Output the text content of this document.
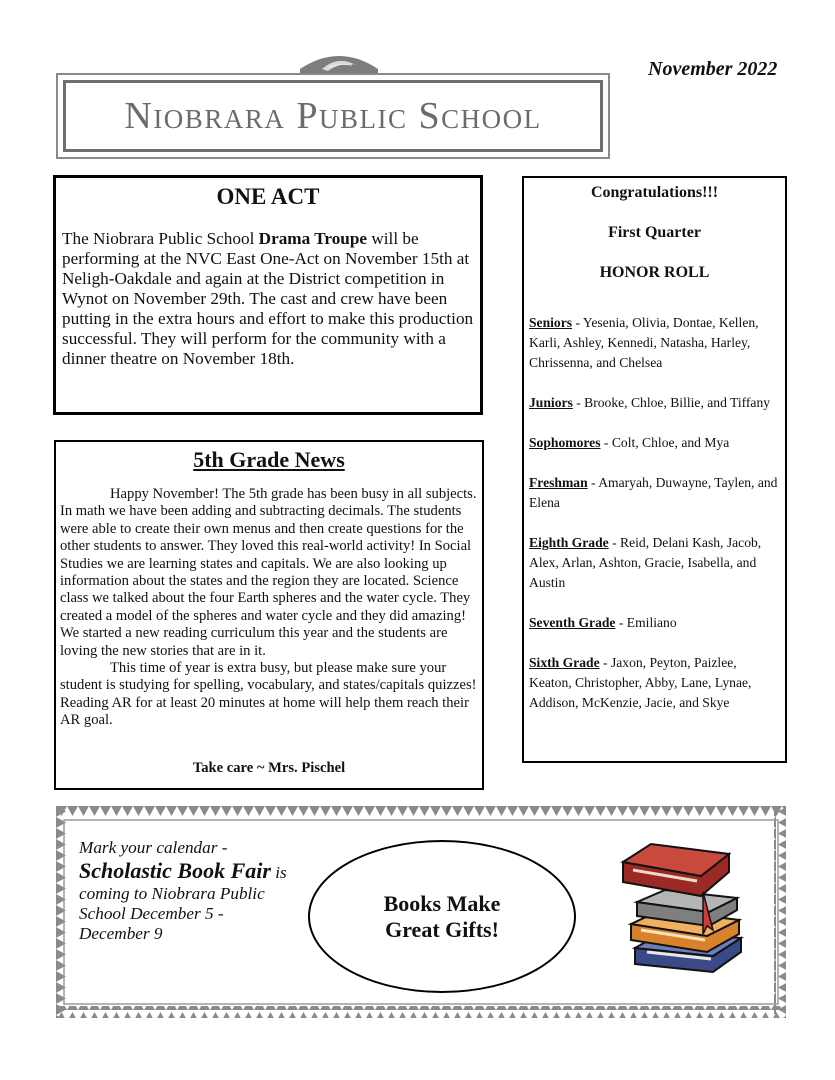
Niobrara Public School
November 2022
ONE ACT
The Niobrara Public School Drama Troupe will be performing at the NVC East One-Act on November 15th at Neligh-Oakdale and again at the District competition in Wynot on November 29th. The cast and crew have been putting in the extra hours and effort to make this production successful. They will perform for the community with a dinner theatre on November 18th.
5th Grade News

Happy November! The 5th grade has been busy in all subjects. In math we have been adding and subtracting decimals. The students were able to create their own menus and then create questions for the other students to answer. They loved this real-world activity! In Social Studies we are learning states and capitals. We are also looking up information about the states and the region they are located. Science class we talked about the four Earth spheres and the water cycle. They created a model of the spheres and water cycle and they did amazing! We started a new reading curriculum this year and the students are loving the new stories that are in it.

This time of year is extra busy, but please make sure your student is studying for spelling, vocabulary, and states/capitals quizzes! Reading AR for at least 20 minutes at home will help them reach their AR goal.

Take care ~ Mrs. Pischel
Congratulations!!!
First Quarter
HONOR ROLL
Seniors - Yesenia, Olivia, Dontae, Kellen, Karli, Ashley, Kennedi, Natasha, Harley, Chrissenna, and Chelsea
Juniors - Brooke, Chloe, Billie, and Tiffany
Sophomores - Colt, Chloe, and Mya
Freshman - Amaryah, Duwayne, Taylen, and Elena
Eighth Grade - Reid, Delani Kash, Jacob, Alex, Arlan, Ashton, Gracie, Isabella, and Austin
Seventh Grade - Emiliano
Sixth Grade - Jaxon, Peyton, Paizlee, Keaton, Christopher, Abby, Lane, Lynae, Addison, McKenzie, Jacie, and Skye
Mark your calendar -
Scholastic Book Fair is coming to Niobrara Public School December 5 - December 9
Books Make
Great Gifts!
